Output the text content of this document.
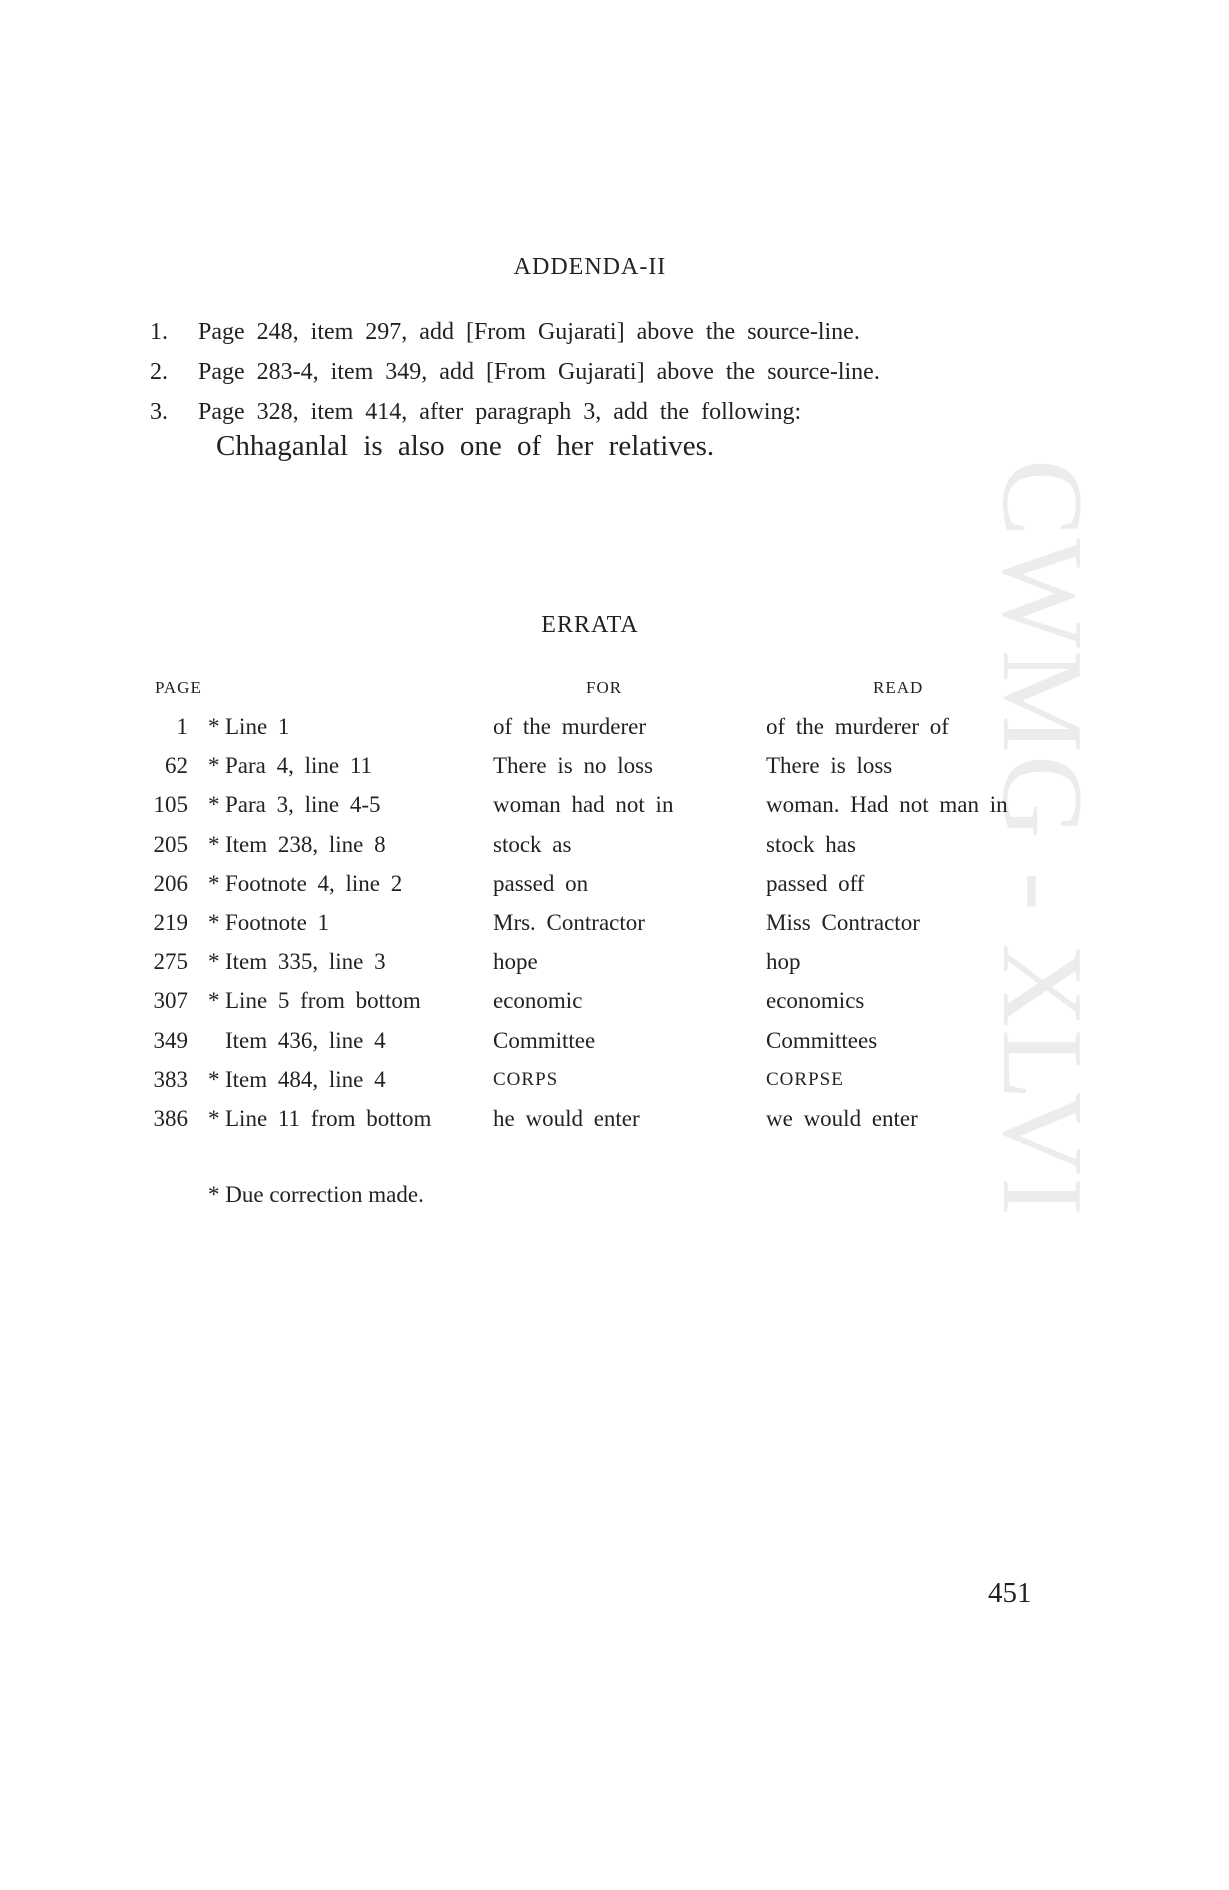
CWMG - XLVI
ADDENDA-II
1.	Page 248, item 297, add [From Gujarati] above the source-line.
2.	Page 283-4, item 349, add [From Gujarati] above the source-line.
3.	Page 328, item 414, after paragraph 3, add the following:
Chhaganlal is also one of her relatives.
ERRATA
PAGE	FOR	READ
1 * Line 1	of the murderer	of the murderer of
62 * Para 4, line 11	There is no loss	There is loss
105 * Para 3, line 4-5	woman had not in	woman. Had not man in
205 * Item 238, line 8	stock as	stock has
206 * Footnote 4, line 2	passed on	passed off
219 * Footnote 1	Mrs. Contractor	Miss Contractor
275 * Item 335, line 3	hope	hop
307 * Line 5 from bottom	economic	economics
349 Item 436, line 4	Committee	Committees
383 * Item 484, line 4	CORPS	CORPSE
386 * Line 11 from bottom	he would enter	we would enter
* Due correction made.
451
